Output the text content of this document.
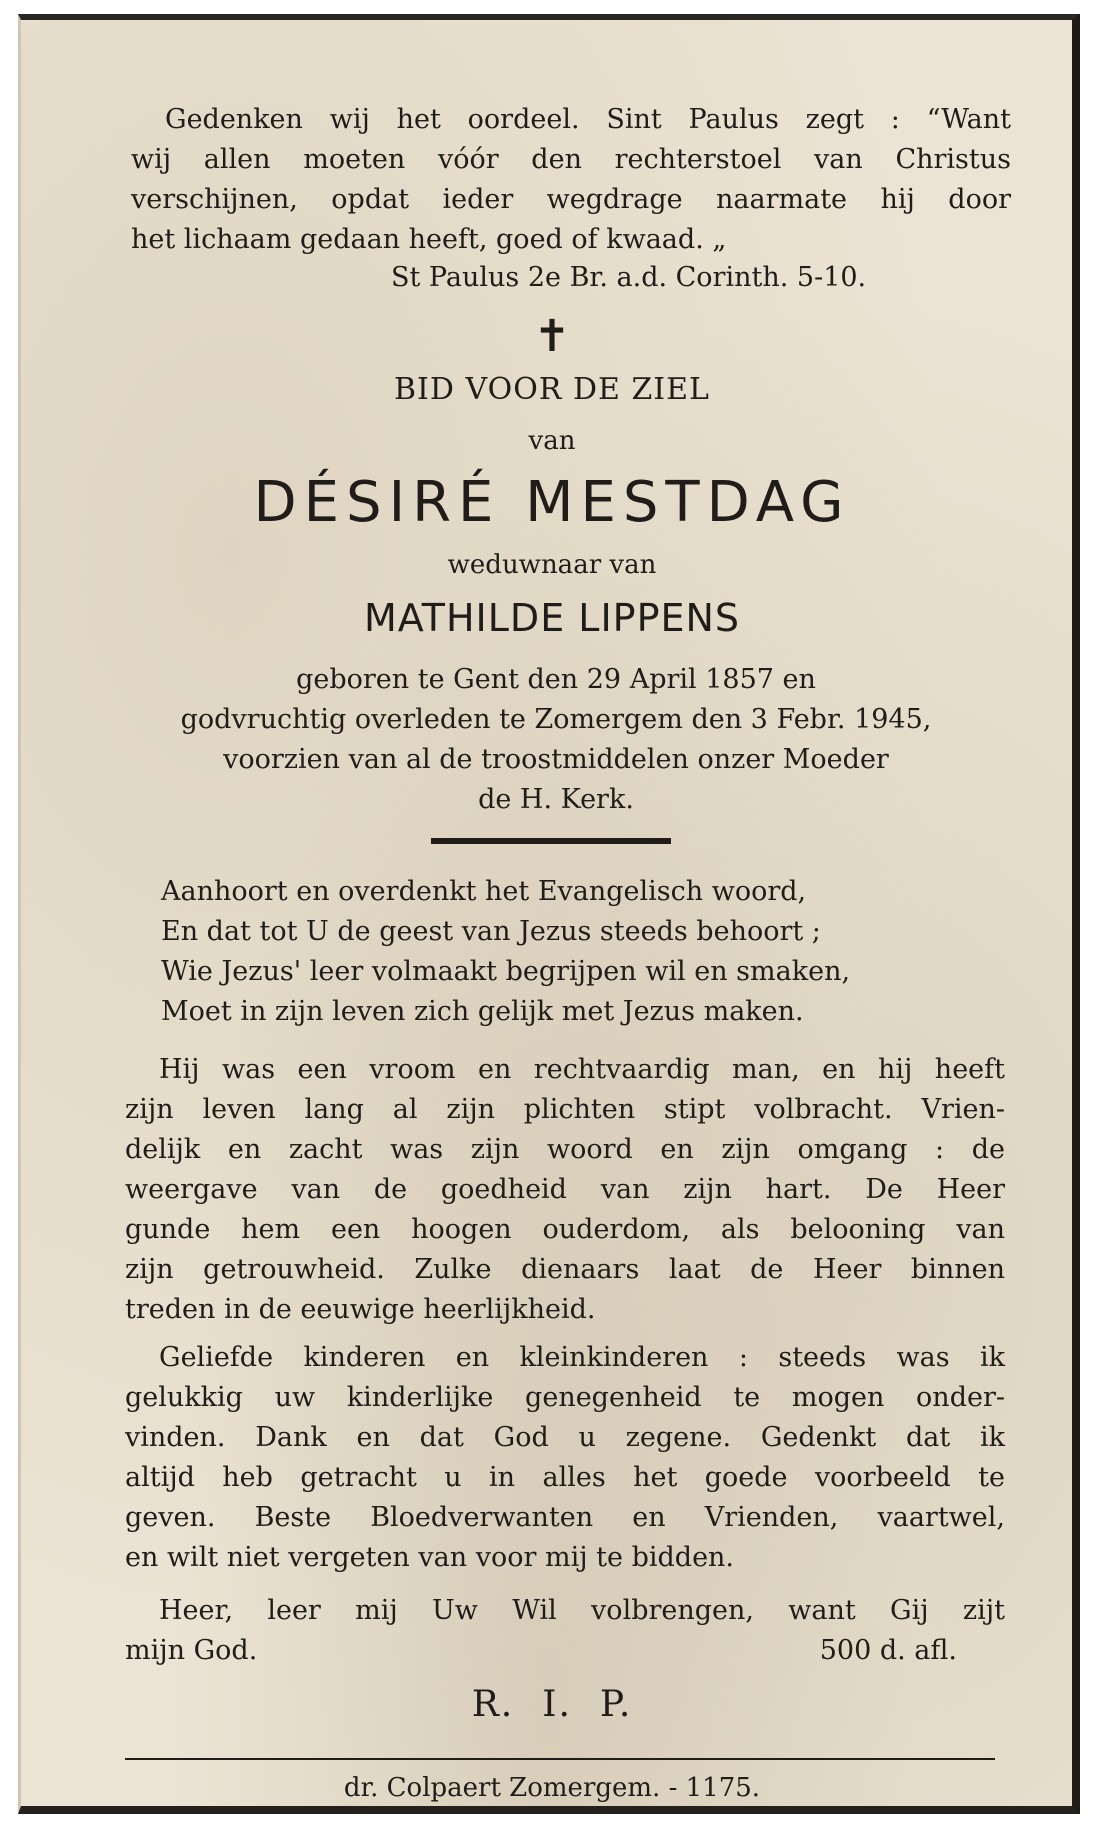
Gedenken wij het oordeel. Sint Paulus zegt : “Want
wij allen moeten vóór den rechterstoel van Christus
verschijnen, opdat ieder wegdrage naarmate hij door
het lichaam gedaan heeft, goed of kwaad. „
St Paulus 2e Br. a.d. Corinth. 5-10.
✝
BID VOOR DE ZIEL
van
DÉSIRÉ MESTDAG
weduwnaar van
MATHILDE LIPPENS
geboren te Gent den 29 April 1857 en
godvruchtig overleden te Zomergem den 3 Febr. 1945,
voorzien van al de troostmiddelen onzer Moeder
de H. Kerk.
Aanhoort en overdenkt het Evangelisch woord,
En dat tot U de geest van Jezus steeds behoort ;
Wie Jezus' leer volmaakt begrijpen wil en smaken,
Moet in zijn leven zich gelijk met Jezus maken.
Hij was een vroom en rechtvaardig man, en hij heeft
zijn leven lang al zijn plichten stipt volbracht. Vrien-
delijk en zacht was zijn woord en zijn omgang : de
weergave van de goedheid van zijn hart. De Heer
gunde hem een hoogen ouderdom, als belooning van
zijn getrouwheid. Zulke dienaars laat de Heer binnen
treden in de eeuwige heerlijkheid.
Geliefde kinderen en kleinkinderen : steeds was ik
gelukkig uw kinderlijke genegenheid te mogen onder-
vinden. Dank en dat God u zegene. Gedenkt dat ik
altijd heb getracht u in alles het goede voorbeeld te
geven. Beste Bloedverwanten en Vrienden, vaartwel,
en wilt niet vergeten van voor mij te bidden.
Heer, leer mij Uw Wil volbrengen, want Gij zijt
mijn God.	500 d. afl.
R. I. P.
dr. Colpaert Zomergem. - 1175.
